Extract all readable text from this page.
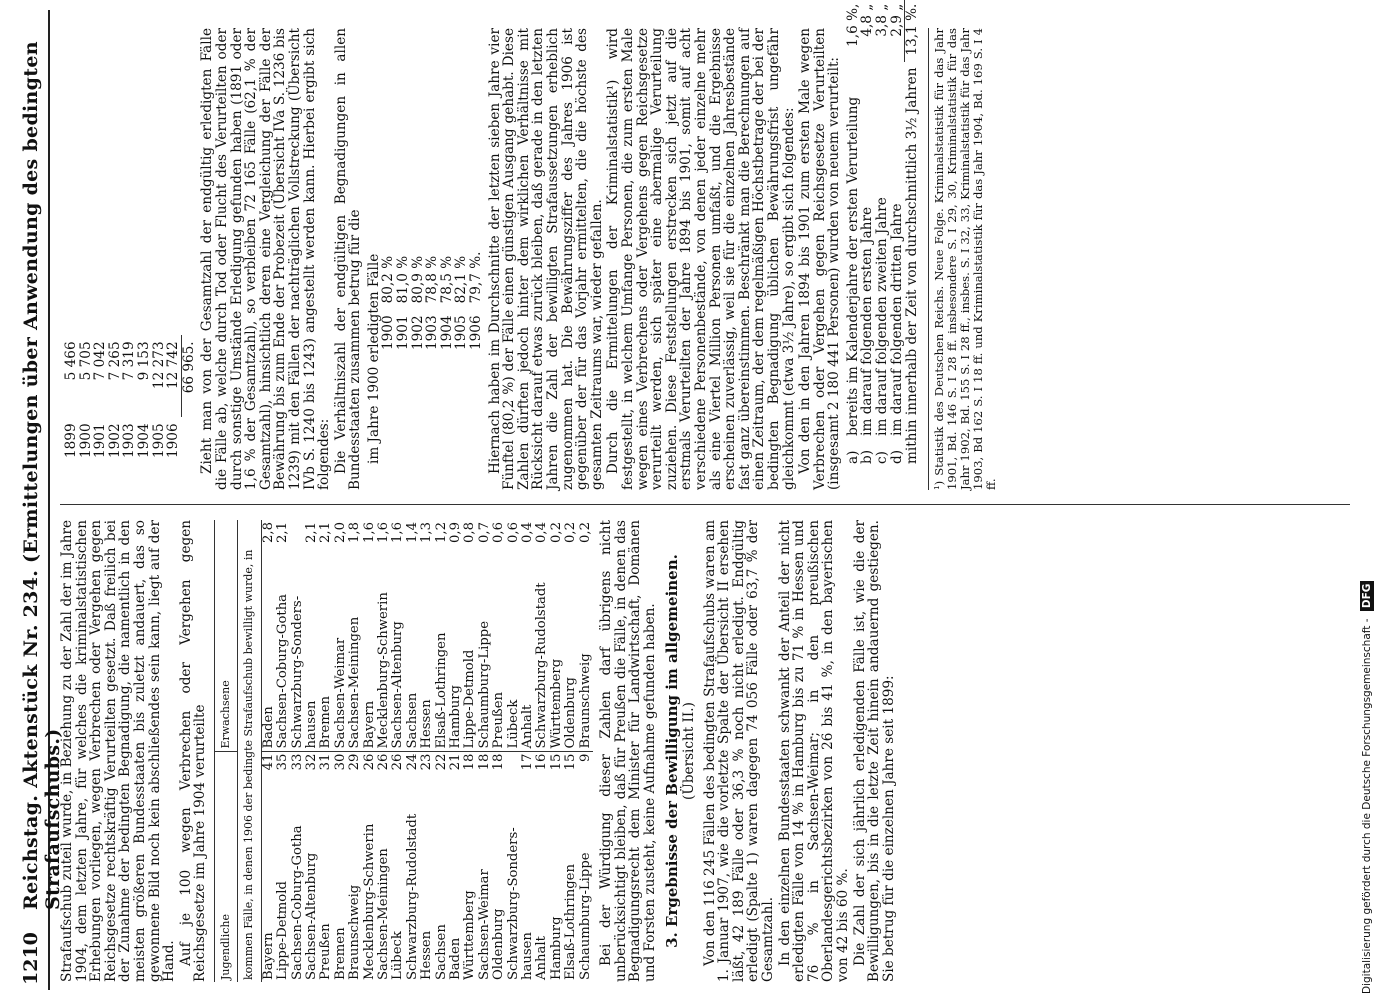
1210
Reichstag. Aktenstück Nr. 234. (Ermittelungen über Anwendung des bedingten Strafaufschubs.)

Strafaufschub zuteil wurde, in Beziehung zu der Zahl der im Jahre 1904, dem letzten Jahre, für welches die kriminalstatistischen Erhebungen vorliegen, wegen Verbrechen oder Vergehen gegen Reichsgesetze rechtskräftig Verurteilten gesetzt. Daß freilich bei der Zunahme der bedingten Begnadigung, die namentlich in den meisten größeren Bundesstaaten bis zuletzt andauert, das so gewonnene Bild noch kein abschließendes sein kann, liegt auf der Hand. Auf je 100 wegen Verbrechen oder Vergehen gegen Reichsgesetze im Jahre 1904 verurteilte Jugendliche		Erwachsene	
kommen Fälle, in denen 1906 der bedingte Strafaufschub bewilligt wurde, in			
Bayern	41	Baden	2,8
Lippe-Detmold	35	Sachsen-Coburg-Gotha	2,1
Sachsen-Coburg-Gotha	33	Schwarzburg-Sonders-	
Sachsen-Altenburg	32	hausen	2,1
Preußen	31	Bremen	2,1
Bremen	30	Sachsen-Weimar	2,0
Braunschweig	29	Sachsen-Meiningen	1,8
Mecklenburg-Schwerin	26	Bayern	1,6
Sachsen-Meiningen	26	Mecklenburg-Schwerin	1,6
Lübeck	26	Sachsen-Altenburg	1,6
Schwarzburg-Rudolstadt	24	Sachsen	1,4
Hessen	23	Hessen	1,3
Sachsen	22	Elsaß-Lothringen	1,2
Baden	21	Hamburg	0,9
Württemberg	18	Lippe-Detmold	0,8
Sachsen-Weimar	18	Schaumburg-Lippe	0,7
Oldenburg	18	Preußen	0,6
Schwarzburg-Sonders-		Lübeck	0,6
hausen	17	Anhalt	0,4
Anhalt	16	Schwarzburg-Rudolstadt	0,4
Hamburg	15	Württemberg	0,2
Elsaß-Lothringen	15	Oldenburg	0,2
Schaumburg-Lippe	9	Braunschweig	0,2 Bei der Würdigung dieser Zahlen darf übrigens nicht unberücksichtigt bleiben, daß für Preußen die Fälle, in denen das Begnadigungsrecht dem Minister für Landwirtschaft, Domänen und Forsten zusteht, keine Aufnahme gefunden haben. 3. Ergebnisse der Bewilligung im allgemeinen. (Übersicht II.) Von den 116 245 Fällen des bedingten Strafaufschubs waren am 1. Januar 1907, wie die vorletzte Spalte der Übersicht II ersehen läßt, 42 189 Fälle oder 36,3 % noch nicht erledigt. Endgültig erledigt (Spalte 1) waren dagegen 74 056 Fälle oder 63,7 % der Gesamtzahl. In den einzelnen Bundesstaaten schwankt der Anteil der nicht erledigten Fälle von 14 % in Hamburg bis zu 71 % in Hessen und 76 % in Sachsen-Weimar; in den preußischen Oberlandesgerichtsbezirken von 26 bis 41 %, in den bayerischen von 42 bis 60 %. Die Zahl der sich jährlich erledigenden Fälle ist, wie die der Bewilligungen, bis in die letzte Zeit hinein andauernd gestiegen. Sie betrug für die einzelnen Jahre seit 1899:

1899	5 466
1900	5 705
1901	7 042
1902	7 265
1903	7 319
1904	9 153
1905	12 273
1906	12 742
	66 965. Zieht man von der Gesamtzahl der endgültig erledigten Fälle die Fälle ab, welche durch Tod oder Flucht des Verurteilten oder durch sonstige Umstände Erledigung gefunden haben (1891 oder 1,6 % der Gesamtzahl), so verbleiben 72 165 Fälle (62,1 % der Gesamtzahl), hinsichtlich deren eine Vergleichung der Fälle der Bewährung bis zum Ende der Probezeit (Übersicht IVa S. 1236 bis 1239) mit den Fällen der nachträglichen Vollstreckung (Übersicht IVb S. 1240 bis 1243) angestellt werden kann. Hierbei ergibt sich folgendes: Die Verhältniszahl der endgültigen Begnadigungen in allen Bundesstaaten zusammen betrug für die im Jahre 1900 erledigten Fälle	
1900	80,2 %
1901	81,0 %
1902	80,9 %
1903	78,8 %
1904	78,5 %
1905	82,1 %
1906	79,7 %. Hiernach haben im Durchschnitte der letzten sieben Jahre vier Fünftel (80,2 %) der Fälle einen günstigen Ausgang gehabt. Diese Zahlen dürften jedoch hinter dem wirklichen Verhältnisse mit Rücksicht darauf etwas zurück bleiben, daß gerade in den letzten Jahren die Zahl der bewilligten Strafaussetzungen erheblich zugenommen hat. Die Bewährungsziffer des Jahres 1906 ist gegenüber der für das Vorjahr ermittelten, die die höchste des gesamten Zeitraums war, wieder gefallen. Durch die Ermittelungen der Kriminalstatistik¹) wird festgestellt, in welchem Umfange Personen, die zum ersten Male wegen eines Verbrechens oder Vergehens gegen Reichsgesetze verurteilt werden, sich später eine abermalige Verurteilung zuziehen. Diese Feststellungen erstrecken sich jetzt auf die erstmals Verurteilten der Jahre 1894 bis 1901, somit auf acht verschiedene Personenbestände, von denen jeder einzelne mehr als eine Viertel Million Personen umfaßt, und die Ergebnisse erscheinen zuverlässig, weil sie für die einzelnen Jahresbestände fast ganz übereinstimmen. Beschränkt man die Berechnungen auf einen Zeitraum, der dem regelmäßigen Höchstbetrage der bei der bedingten Begnadigung üblichen Bewährungsfrist ungefähr gleichkommt (etwa 3½ Jahre), so ergibt sich folgendes: Von den in den Jahren 1894 bis 1901 zum ersten Male wegen Verbrechen oder Vergehen gegen Reichsgesetze Verurteilten (insgesamt 2 180 441 Personen) wurden von neuem verurteilt: a)	bereits im Kalenderjahre der ersten Verurteilung	1,6 %,
b)	im darauf folgenden ersten Jahre	4,8 „
c)	im darauf folgenden zweiten Jahre	3,8 „
d)	im darauf folgenden dritten Jahre	2,9 „
mithin innerhalb der Zeit von durchschnittlich 3½ Jahren		13,1 %. ¹) Statistik des Deutschen Reichs. Neue Folge. Kriminalstatistik für das Jahr 1901, Bd. 146 S. I 28 ff. insbesondere S. I 29, 30, Kriminalstatistik für das Jahr 1902, Bd. 155 S. I 28 ff., insbes. S. I 32, 33, Kriminalstatistik für das Jahr 1903, Bd 162 S. I 18 ff. und Kriminalstatistik für das Jahr 1904, Bd. 169 S. I 4 ff.
Digitalisierung gefördert durch die Deutsche Forschungsgemeinschaft - DFG
